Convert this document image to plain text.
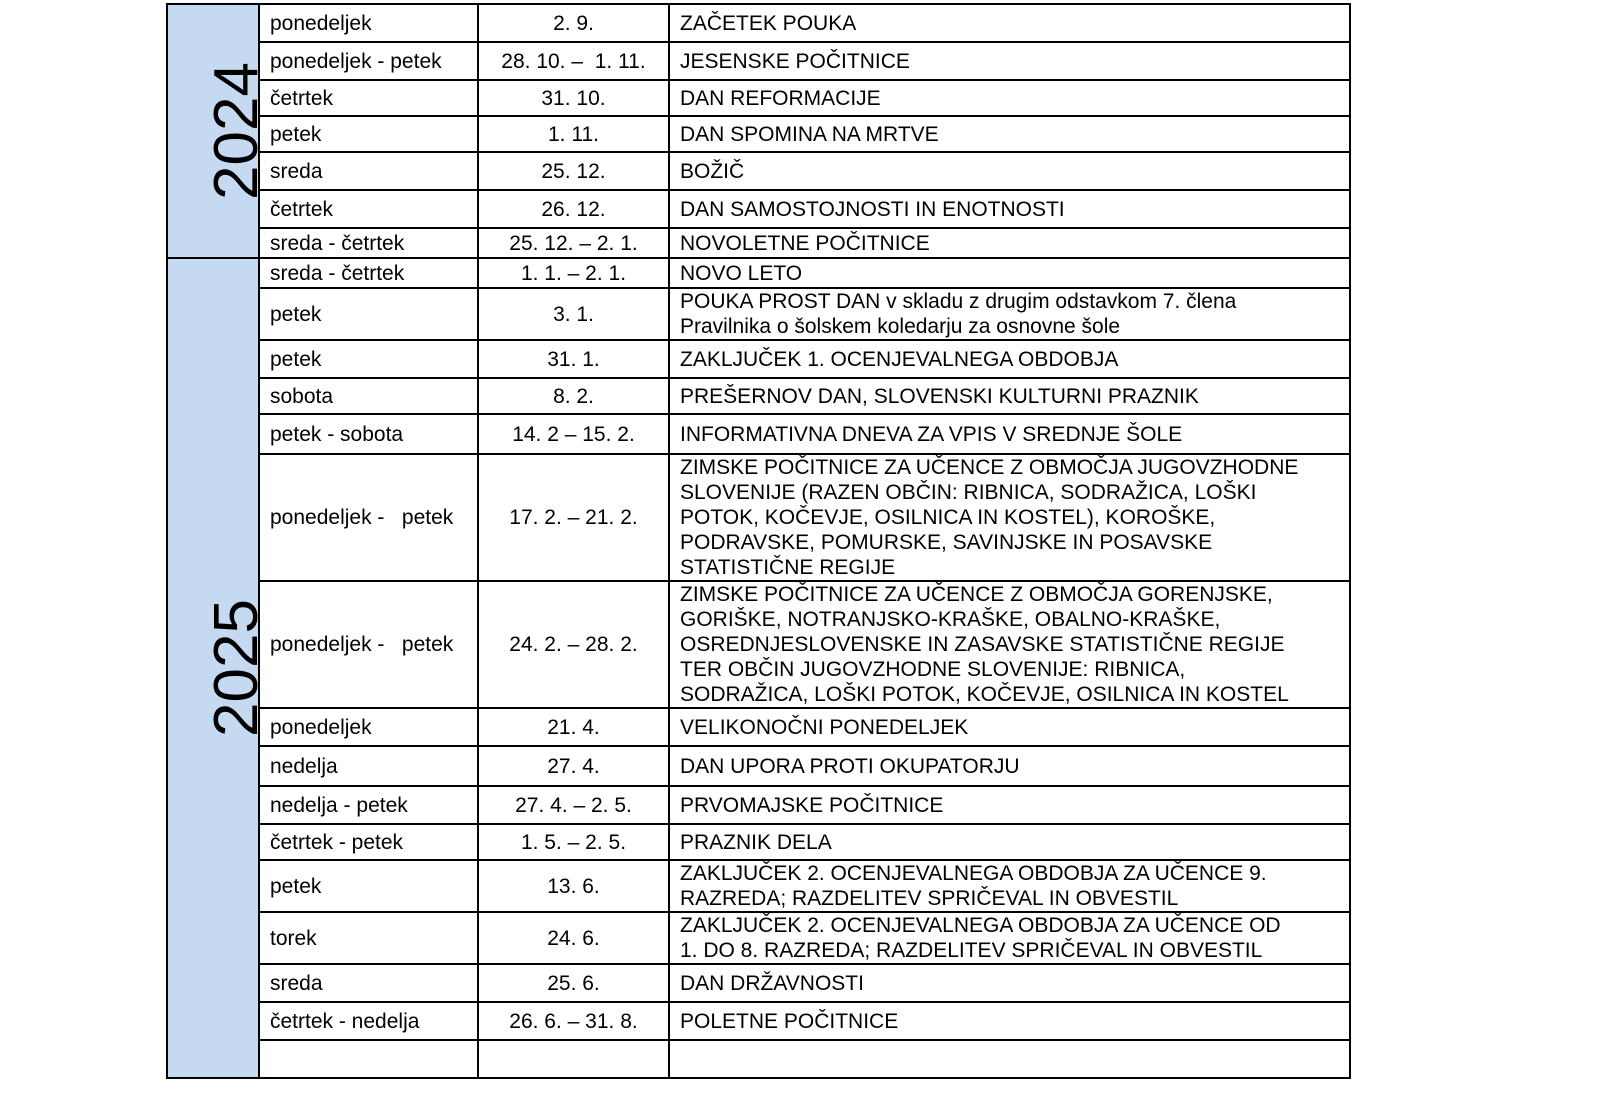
2024	ponedeljek	2. 9.	ZAČETEK POUKA

	ponedeljek - petek	28. 10. –  1. 11.	JESENSKE POČITNICE

	četrtek	31. 10.	DAN REFORMACIJE

	petek	1. 11.	DAN SPOMINA NA MRTVE

	sreda	25. 12.	BOŽIČ

	četrtek	26. 12.	DAN SAMOSTOJNOSTI IN ENOTNOSTI

	sreda - četrtek	25. 12. – 2. 1.	NOVOLETNE POČITNICE

2025	sreda - četrtek	1. 1. – 2. 1.	NOVO LETO

	petek	3. 1.	POUKA PROST DAN v skladu z drugim odstavkom 7. člena
Pravilnika o šolskem koledarju za osnovne šole

	petek	31. 1.	ZAKLJUČEK 1. OCENJEVALNEGA OBDOBJA

	sobota	8. 2.	PREŠERNOV DAN, SLOVENSKI KULTURNI PRAZNIK

	petek - sobota	14. 2 – 15. 2.	INFORMATIVNA DNEVA ZA VPIS V SREDNJE ŠOLE

	ponedeljek -   petek	17. 2. – 21. 2.	ZIMSKE POČITNICE ZA UČENCE Z OBMOČJA JUGOVZHODNE
SLOVENIJE (RAZEN OBČIN: RIBNICA, SODRAŽICA, LOŠKI
POTOK, KOČEVJE, OSILNICA IN KOSTEL), KOROŠKE,
PODRAVSKE, POMURSKE, SAVINJSKE IN POSAVSKE
STATISTIČNE REGIJE

	ponedeljek -   petek	24. 2. – 28. 2.	ZIMSKE POČITNICE ZA UČENCE Z OBMOČJA GORENJSKE,
GORIŠKE, NOTRANJSKO-KRAŠKE, OBALNO-KRAŠKE,
OSREDNJESLOVENSKE IN ZASAVSKE STATISTIČNE REGIJE
TER OBČIN JUGOVZHODNE SLOVENIJE: RIBNICA,
SODRAŽICA, LOŠKI POTOK, KOČEVJE, OSILNICA IN KOSTEL

	ponedeljek	21. 4.	VELIKONOČNI PONEDELJEK

	nedelja	27. 4.	DAN UPORA PROTI OKUPATORJU

	nedelja - petek	27. 4. – 2. 5.	PRVOMAJSKE POČITNICE

	četrtek - petek	1. 5. – 2. 5.	PRAZNIK DELA

	petek	13. 6.	ZAKLJUČEK 2. OCENJEVALNEGA OBDOBJA ZA UČENCE 9.
RAZREDA; RAZDELITEV SPRIČEVAL IN OBVESTIL

	torek	24. 6.	ZAKLJUČEK 2. OCENJEVALNEGA OBDOBJA ZA UČENCE OD
1. DO 8. RAZREDA; RAZDELITEV SPRIČEVAL IN OBVESTIL

	sreda	25. 6.	DAN DRŽAVNOSTI

	četrtek - nedelja	26. 6. – 31. 8.	POLETNE POČITNICE
